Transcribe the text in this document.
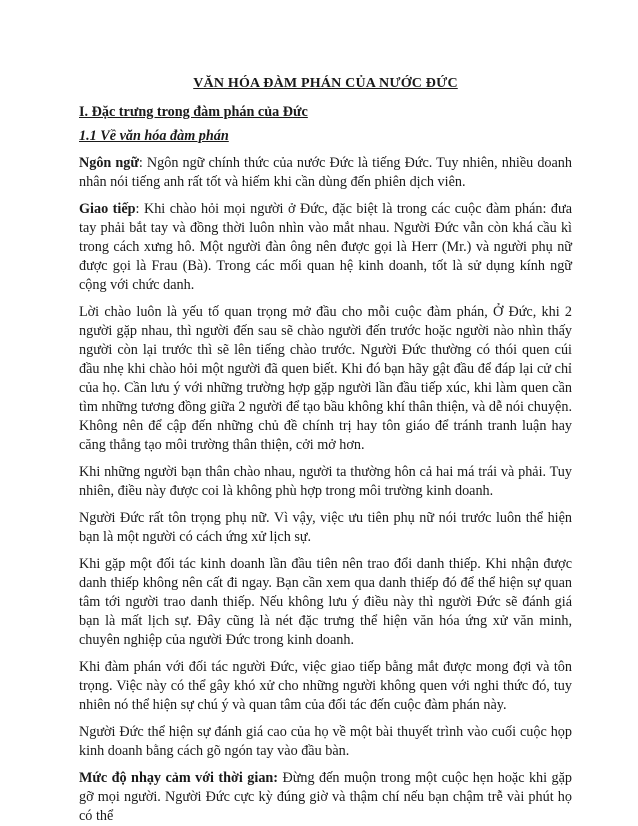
VĂN HÓA ĐÀM PHÁN CỦA NƯỚC ĐỨC
I. Đặc trưng trong đàm phán của Đức
1.1 Về văn hóa đàm phán

Ngôn ngữ: Ngôn ngữ chính thức của nước Đức là tiếng Đức. Tuy nhiên, nhiều doanh nhân nói tiếng anh rất tốt và hiếm khi cần dùng đến phiên dịch viên.

Giao tiếp: Khi chào hỏi mọi người ở Đức, đặc biệt là trong các cuộc đàm phán: đưa tay phải bắt tay và đồng thời luôn nhìn vào mắt nhau. Người Đức vẫn còn khá cầu kì trong cách xưng hô. Một người đàn ông nên được gọi là Herr (Mr.) và người phụ nữ được gọi là Frau (Bà). Trong các mối quan hệ kinh doanh, tốt là sử dụng kính ngữ cộng với chức danh.

Lời chào luôn là yếu tố quan trọng mở đầu cho mỗi cuộc đàm phán, Ở Đức, khi 2 người gặp nhau, thì người đến sau sẽ chào người đến trước hoặc người nào nhìn thấy người còn lại trước thì sẽ lên tiếng chào trước. Người Đức thường có thói quen cúi đầu nhẹ khi chào hỏi một người đã quen biết. Khi đó bạn hãy gật đầu để đáp lại cử chỉ của họ. Cần lưu ý với những trường hợp gặp người lần đầu tiếp xúc, khi làm quen cần tìm những tương đồng giữa 2 người để tạo bầu không khí thân thiện, và dễ nói chuyện. Không nên để cập đến những chủ đề chính trị hay tôn giáo để tránh tranh luận hay căng thẳng tạo môi trường thân thiện, cởi mở hơn.

Khi những người bạn thân chào nhau, người ta thường hôn cả hai má trái và phải. Tuy nhiên, điều này được coi là không phù hợp trong môi trường kinh doanh.

Người Đức rất tôn trọng phụ nữ. Vì vậy, việc ưu tiên phụ nữ nói trước luôn thể hiện bạn là một người có cách ứng xử lịch sự.

Khi gặp một đối tác kinh doanh lần đầu tiên nên trao đổi danh thiếp. Khi nhận được danh thiếp không nên cất đi ngay. Bạn cần xem qua danh thiếp đó để thể hiện sự quan tâm tới người trao danh thiếp. Nếu không lưu ý điều này thì người Đức sẽ đánh giá bạn là mất lịch sự. Đây cũng là nét đặc trưng thể hiện văn hóa ứng xử văn minh, chuyên nghiệp của người Đức trong kinh doanh.

Khi đàm phán với đối tác người Đức, việc giao tiếp bằng mắt được mong đợi và tôn trọng. Việc này có thể gây khó xử cho những người không quen với nghi thức đó, tuy nhiên nó thể hiện sự chú ý và quan tâm của đối tác đến cuộc đàm phán này.

Người Đức thể hiện sự đánh giá cao của họ về một bài thuyết trình vào cuối cuộc họp kinh doanh bằng cách gõ ngón tay vào đầu bàn.

Mức độ nhạy cảm với thời gian: Đừng đến muộn trong một cuộc hẹn hoặc khi gặp gỡ mọi người. Người Đức cực kỳ đúng giờ và thậm chí nếu bạn chậm trễ vài phút họ có thể
